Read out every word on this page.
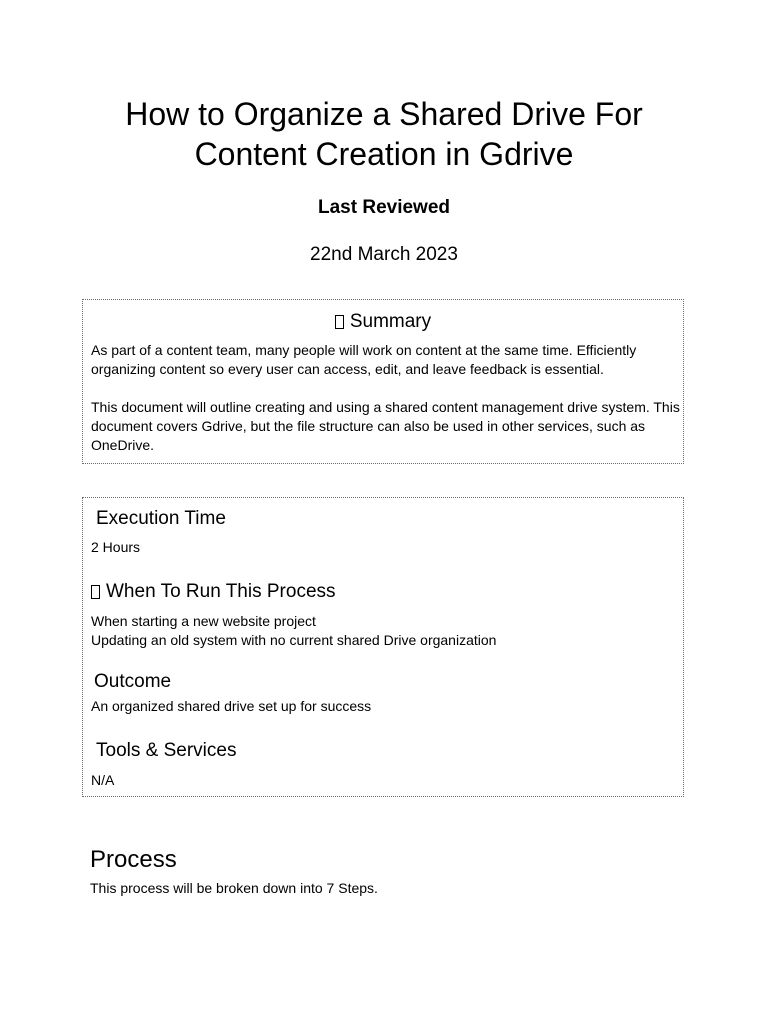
How to Organize a Shared Drive For
Content Creation in Gdrive
Last Reviewed
22nd March 2023
Summary

As part of a content team, many people will work on content at the same time. Efficiently organizing content so every user can access, edit, and leave feedback is essential.

This document will outline creating and using a shared content management drive system. This document covers Gdrive, but the file structure can also be used in other services, such as OneDrive.

Execution Time

2 Hours

When To Run This Process

When starting a new website project

Updating an old system with no current shared Drive organization

Outcome

An organized shared drive set up for success

Tools & Services

N/A

Process

This process will be broken down into 7 Steps.
